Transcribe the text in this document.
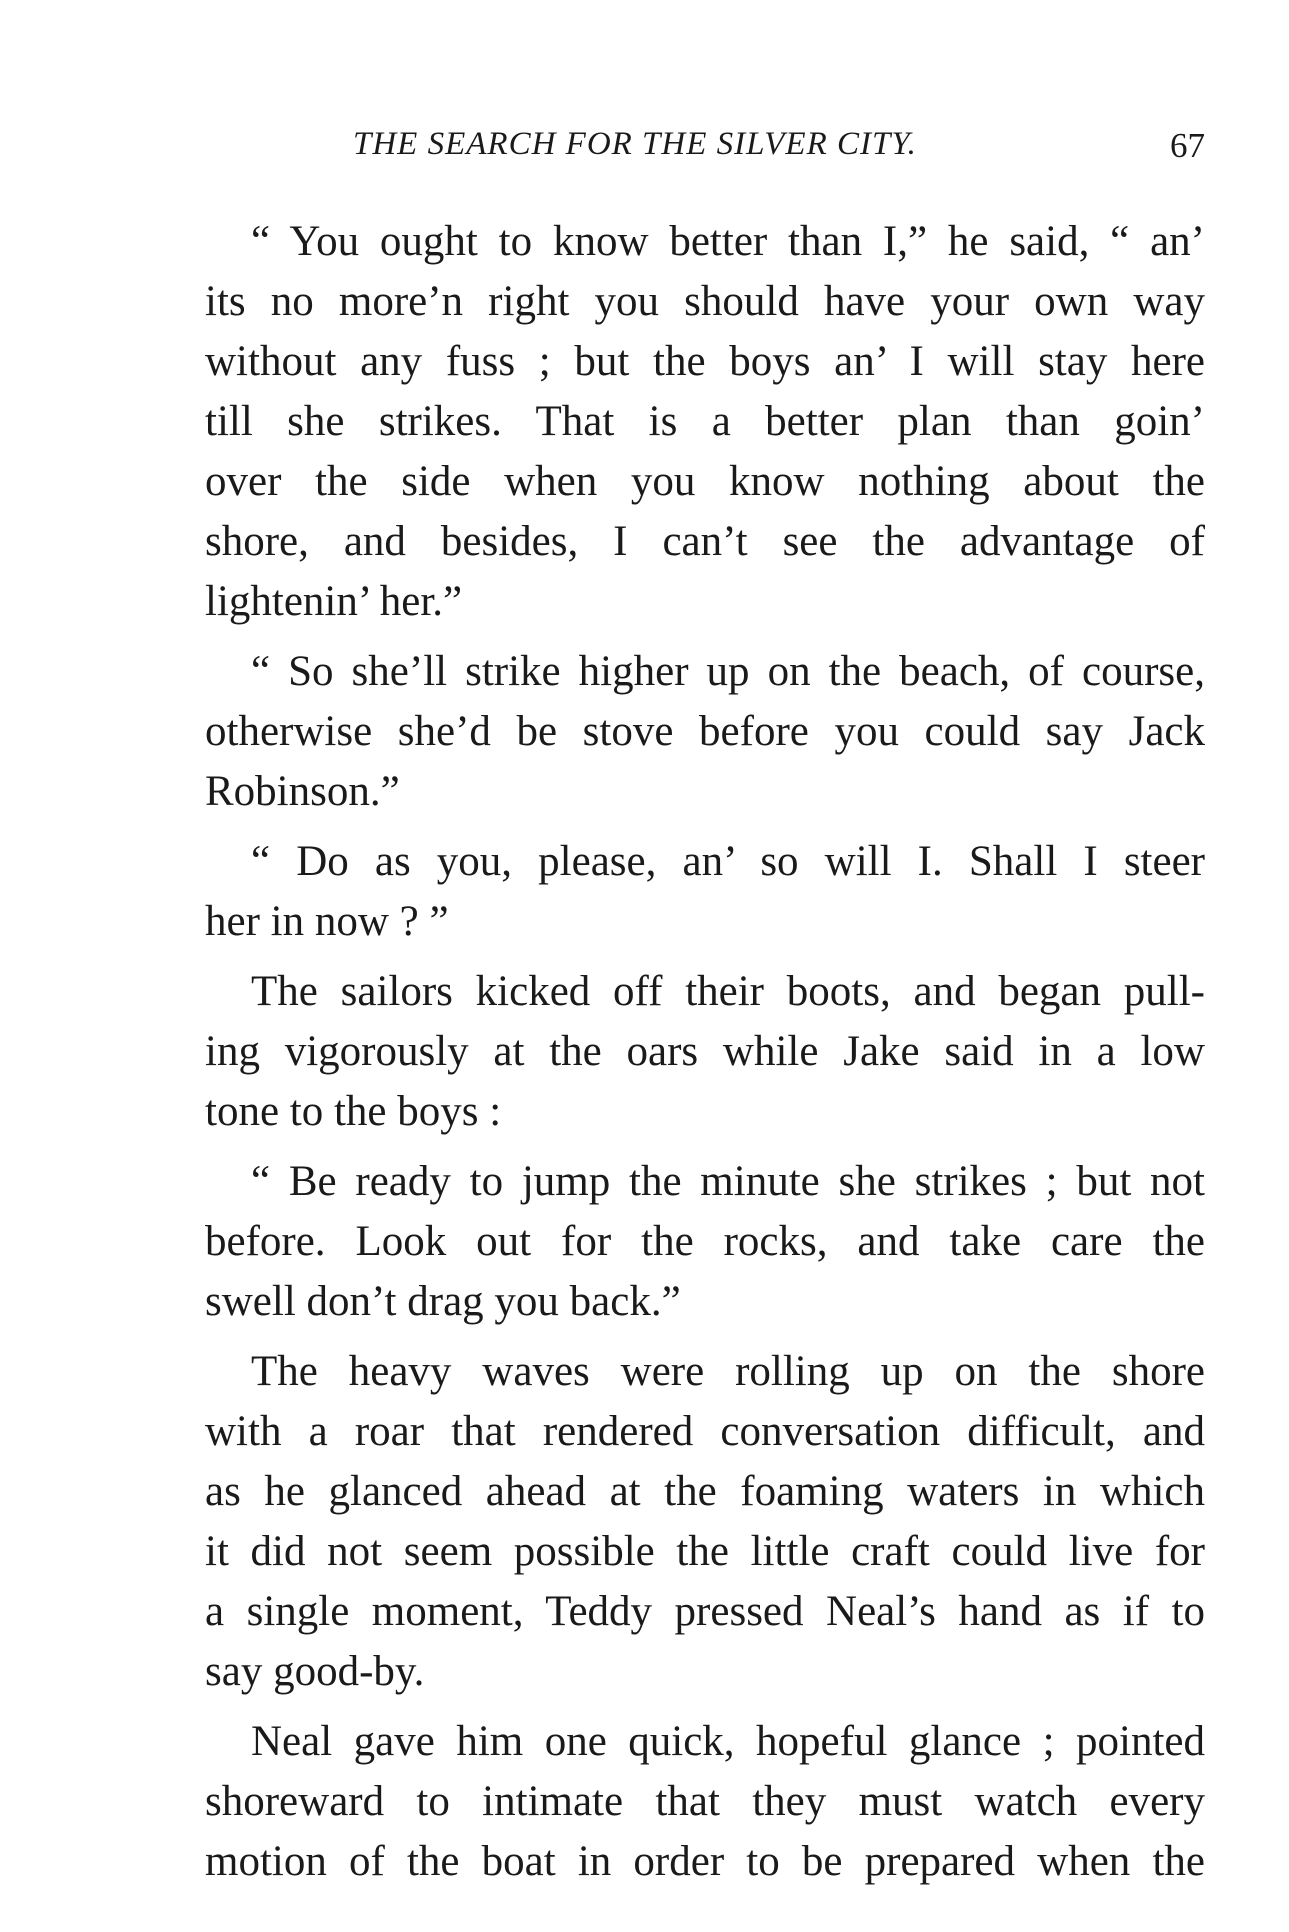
THE SEARCH FOR THE SILVER CITY.	67
“ You ought to know better than I,” he said, “ an’
its no more’n right you should have your own way
without any fuss ; but the boys an’ I will stay here
till she strikes. That is a better plan than goin’
over the side when you know nothing about the
shore, and besides, I can’t see the advantage of
lightenin’ her.”
“ So she’ll strike higher up on the beach, of course,
otherwise she’d be stove before you could say Jack
Robinson.”
“ Do as you, please, an’ so will I. Shall I steer
her in now ? ”
The sailors kicked off their boots, and began pull-
ing vigorously at the oars while Jake said in a low
tone to the boys :
“ Be ready to jump the minute she strikes ; but not
before. Look out for the rocks, and take care the
swell don’t drag you back.”
The heavy waves were rolling up on the shore
with a roar that rendered conversation difficult, and
as he glanced ahead at the foaming waters in which
it did not seem possible the little craft could live for
a single moment, Teddy pressed Neal’s hand as if to
say good-by.
Neal gave him one quick, hopeful glance ; pointed
shoreward to intimate that they must watch every
motion of the boat in order to be prepared when the
